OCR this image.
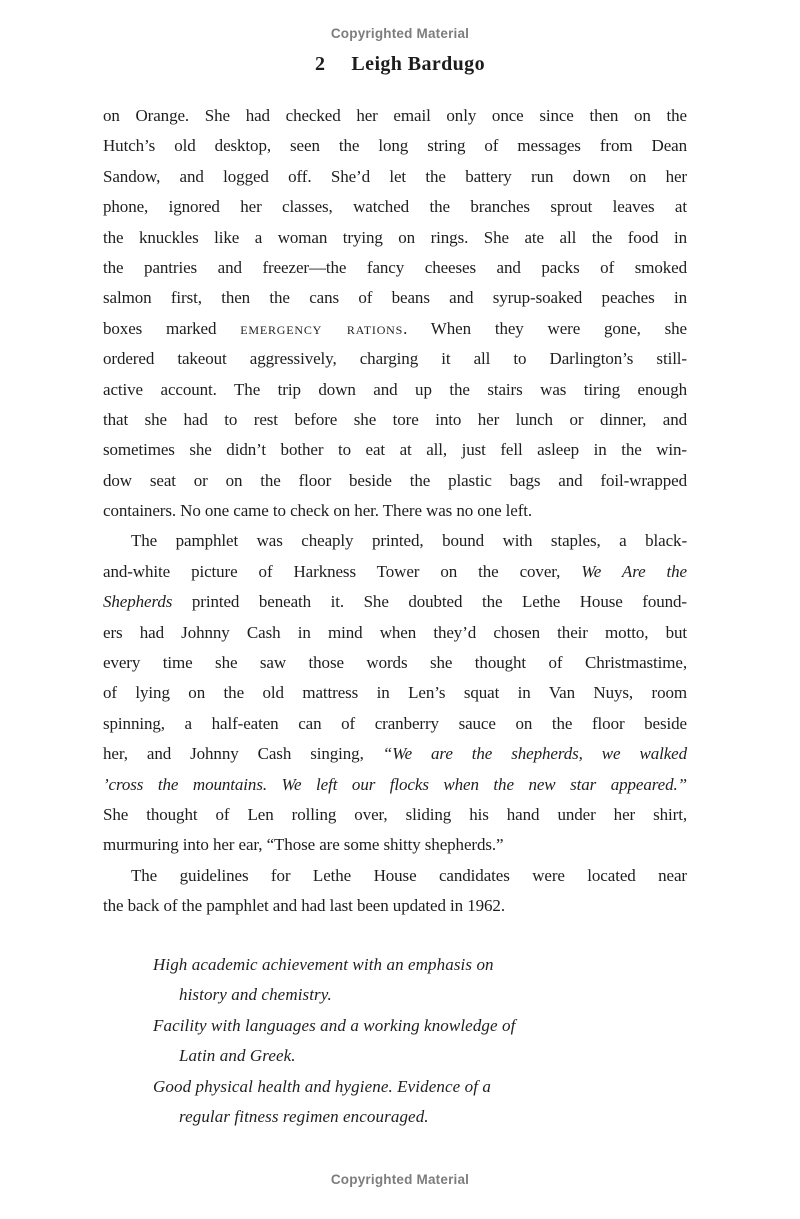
Copyrighted Material
2 Leigh Bardugo
on Orange. She had checked her email only once since then on the
Hutch’s old desktop, seen the long string of messages from Dean
Sandow, and logged off. She’d let the battery run down on her
phone, ignored her classes, watched the branches sprout leaves at
the knuckles like a woman trying on rings. She ate all the food in
the pantries and freezer—the fancy cheeses and packs of smoked
salmon first, then the cans of beans and syrup-soaked peaches in
boxes marked emergency rations. When they were gone, she
ordered takeout aggressively, charging it all to Darlington’s still-
active account. The trip down and up the stairs was tiring enough
that she had to rest before she tore into her lunch or dinner, and
sometimes she didn’t bother to eat at all, just fell asleep in the win-
dow seat or on the floor beside the plastic bags and foil-wrapped
containers. No one came to check on her. There was no one left.
The pamphlet was cheaply printed, bound with staples, a black-
and-white picture of Harkness Tower on the cover, We Are the
Shepherds printed beneath it. She doubted the Lethe House found-
ers had Johnny Cash in mind when they’d chosen their motto, but
every time she saw those words she thought of Christmastime,
of lying on the old mattress in Len’s squat in Van Nuys, room
spinning, a half-eaten can of cranberry sauce on the floor beside
her, and Johnny Cash singing, “We are the shepherds, we walked
’cross the mountains. We left our flocks when the new star appeared.”
She thought of Len rolling over, sliding his hand under her shirt,
murmuring into her ear, “Those are some shitty shepherds.”
The guidelines for Lethe House candidates were located near
the back of the pamphlet and had last been updated in 1962.
High academic achievement with an emphasis on
history and chemistry.
Facility with languages and a working knowledge of
Latin and Greek.
Good physical health and hygiene. Evidence of a
regular fitness regimen encouraged.
Copyrighted Material
